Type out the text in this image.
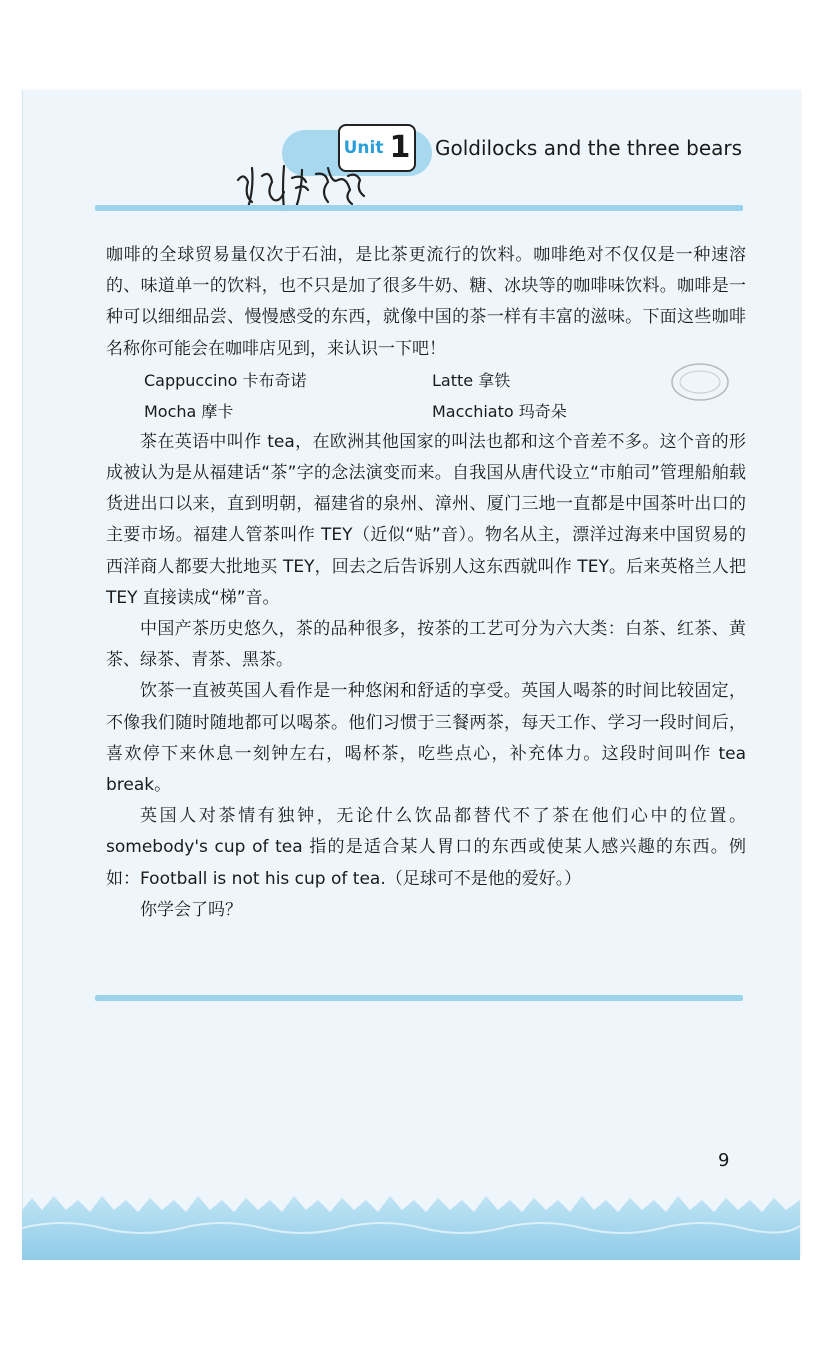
Unit 1 Goldilocks and the three bears

咖啡的全球贸易量仅次于石油，是比茶更流行的饮料。咖啡绝对不仅仅是一种速溶的、味道单一的饮料，也不只是加了很多牛奶、糖、冰块等的咖啡味饮料。咖啡是一种可以细细品尝、慢慢感受的东西，就像中国的茶一样有丰富的滋味。下面这些咖啡名称你可能会在咖啡店见到，来认识一下吧！

Cappuccino 卡布奇诺	Latte 拿铁
Mocha 摩卡	Macchiato 玛奇朵

茶在英语中叫作 tea，在欧洲其他国家的叫法也都和这个音差不多。这个音的形成被认为是从福建话“茶”字的念法演变而来。自我国从唐代设立“市舶司”管理船舶载货进出口以来，直到明朝，福建省的泉州、漳州、厦门三地一直都是中国茶叶出口的主要市场。福建人管茶叫作 TEY（近似“贴”音）。物名从主，漂洋过海来中国贸易的西洋商人都要大批地买 TEY，回去之后告诉别人这东西就叫作 TEY。后来英格兰人把 TEY 直接读成“梯”音。

中国产茶历史悠久，茶的品种很多，按茶的工艺可分为六大类：白茶、红茶、黄茶、绿茶、青茶、黑茶。

饮茶一直被英国人看作是一种悠闲和舒适的享受。英国人喝茶的时间比较固定，不像我们随时随地都可以喝茶。他们习惯于三餐两茶，每天工作、学习一段时间后，喜欢停下来休息一刻钟左右，喝杯茶，吃些点心，补充体力。这段时间叫作 tea break。

英国人对茶情有独钟，无论什么饮品都替代不了茶在他们心中的位置。somebody's cup of tea 指的是适合某人胃口的东西或使某人感兴趣的东西。例如：Football is not his cup of tea.（足球可不是他的爱好。）

你学会了吗？

9
